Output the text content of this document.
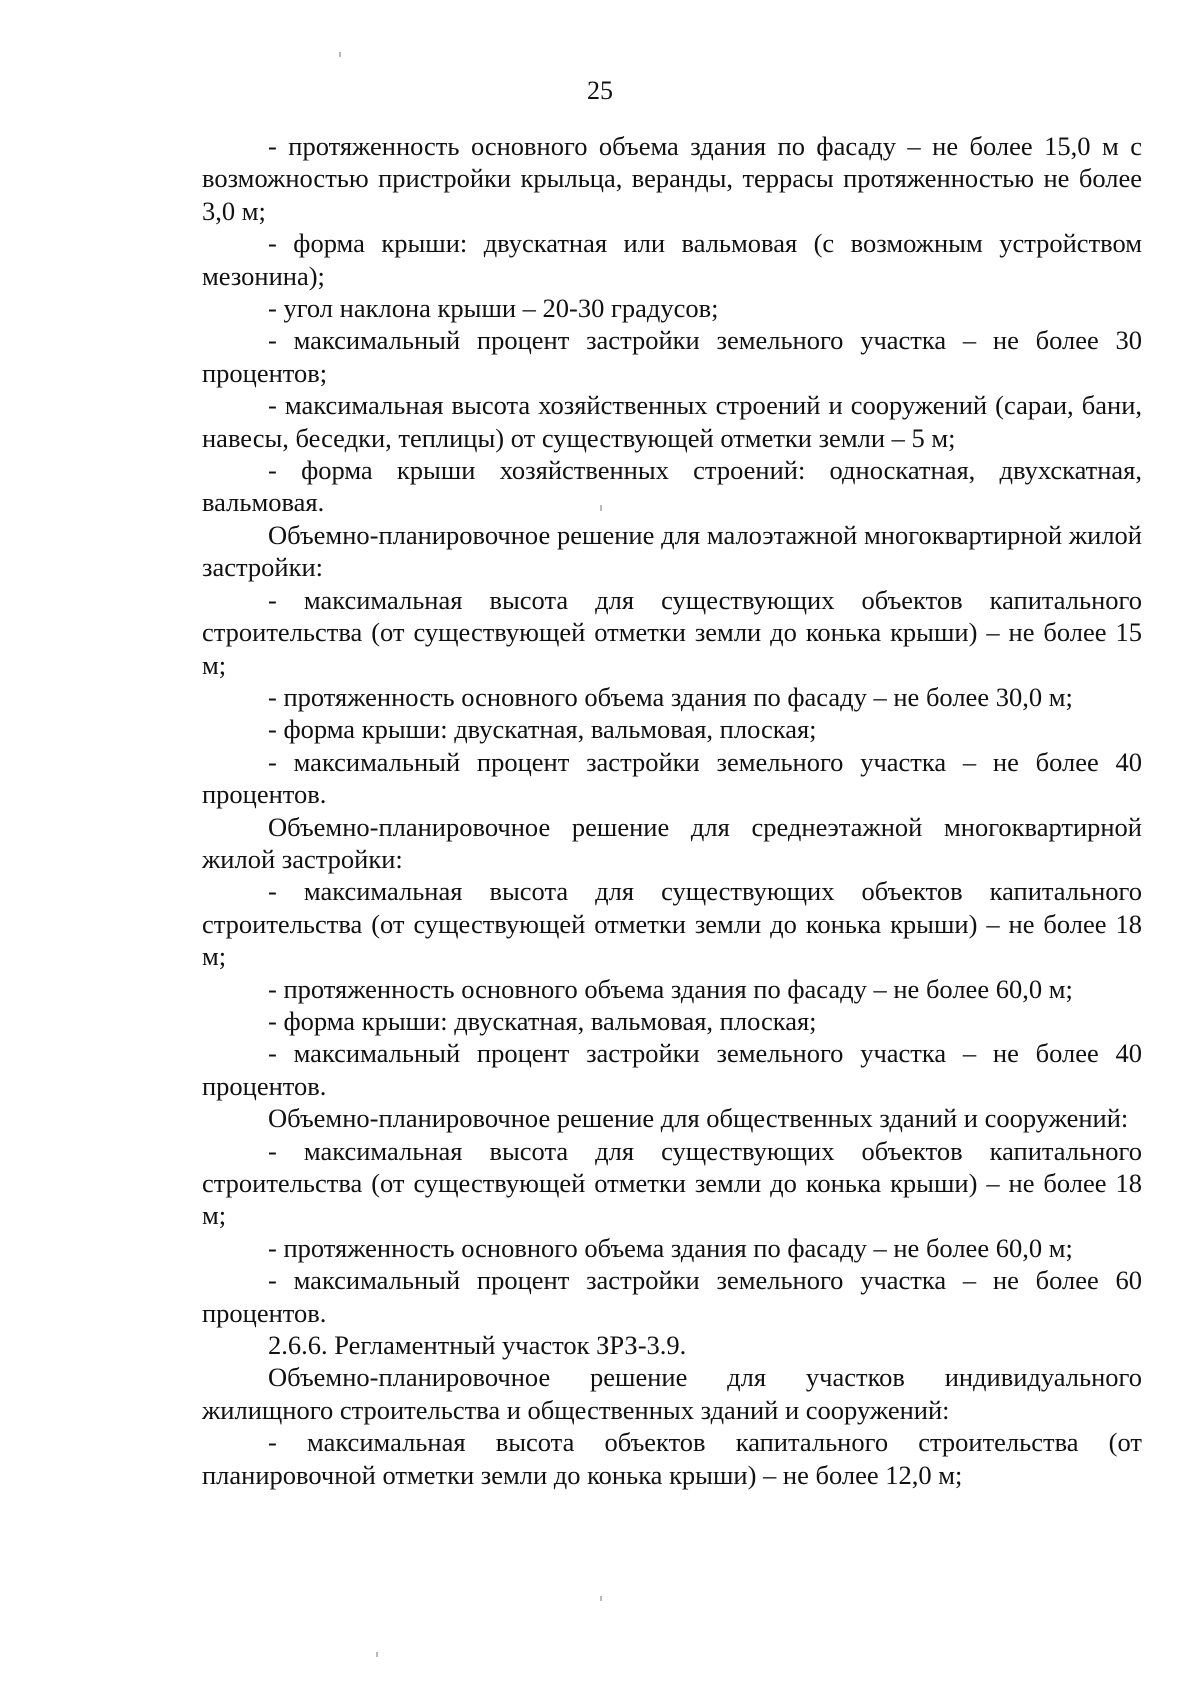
25

- протяженность основного объема здания по фасаду – не более 15,0 м с возможностью пристройки крыльца, веранды, террасы протяженностью не более 3,0 м;

- форма крыши: двускатная или вальмовая (с возможным устройством мезонина);

- угол наклона крыши – 20-30 градусов;

- максимальный процент застройки земельного участка – не более 30 процентов;

- максимальная высота хозяйственных строений и сооружений (сараи, бани, навесы, беседки, теплицы) от существующей отметки земли – 5 м;

- форма крыши хозяйственных строений: односкатная, двухскатная, вальмовая.

Объемно-планировочное решение для малоэтажной многоквартирной жилой застройки:

- максимальная высота для существующих объектов капитального строительства (от существующей отметки земли до конька крыши) – не более 15 м;

- протяженность основного объема здания по фасаду – не более 30,0 м;

- форма крыши: двускатная, вальмовая, плоская;

- максимальный процент застройки земельного участка – не более 40 процентов.

Объемно-планировочное решение для среднеэтажной многоквартирной жилой застройки:

- максимальная высота для существующих объектов капитального строительства (от существующей отметки земли до конька крыши) – не более 18 м;

- протяженность основного объема здания по фасаду – не более 60,0 м;

- форма крыши: двускатная, вальмовая, плоская;

- максимальный процент застройки земельного участка – не более 40 процентов.

Объемно-планировочное решение для общественных зданий и сооружений:

- максимальная высота для существующих объектов капитального строительства (от существующей отметки земли до конька крыши) – не более 18 м;

- протяженность основного объема здания по фасаду – не более 60,0 м;

- максимальный процент застройки земельного участка – не более 60 процентов.

2.6.6. Регламентный участок ЗРЗ-3.9.

Объемно-планировочное решение для участков индивидуального жилищного строительства и общественных зданий и сооружений:

- максимальная высота объектов капитального строительства (от планировочной отметки земли до конька крыши) – не более 12,0 м;
